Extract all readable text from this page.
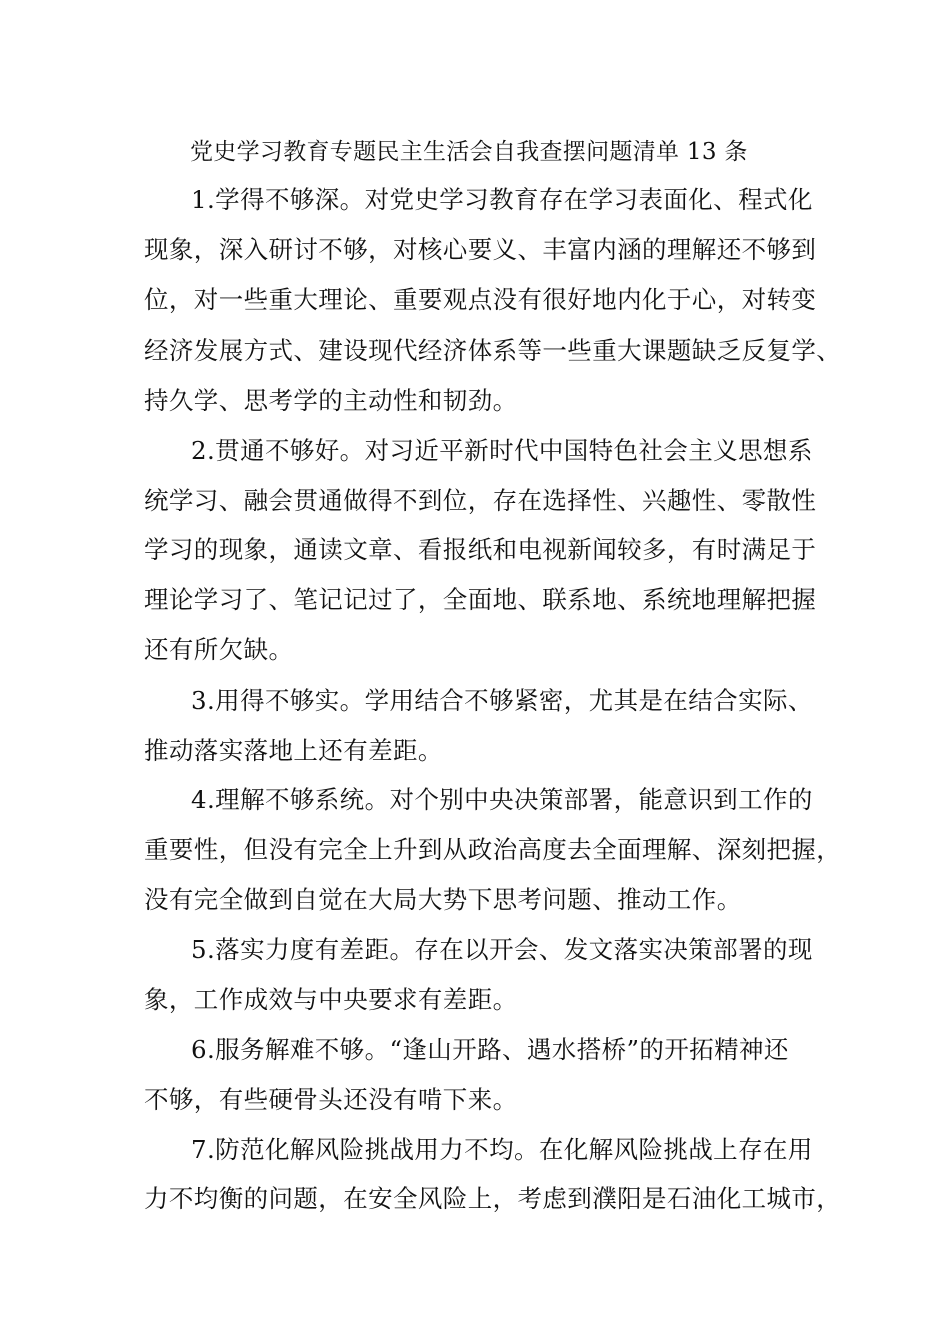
党史学习教育专题民主生活会自我查摆问题清单 13 条
1.学得不够深。对党史学习教育存在学习表面化、程式化
现象，深入研讨不够，对核心要义、丰富内涵的理解还不够到
位，对一些重大理论、重要观点没有很好地内化于心，对转变
经济发展方式、建设现代经济体系等一些重大课题缺乏反复学、
持久学、思考学的主动性和韧劲。
2.贯通不够好。对习近平新时代中国特色社会主义思想系
统学习、融会贯通做得不到位，存在选择性、兴趣性、零散性
学习的现象，通读文章、看报纸和电视新闻较多，有时满足于
理论学习了、笔记记过了，全面地、联系地、系统地理解把握
还有所欠缺。
3.用得不够实。学用结合不够紧密，尤其是在结合实际、
推动落实落地上还有差距。
4.理解不够系统。对个别中央决策部署，能意识到工作的
重要性，但没有完全上升到从政治高度去全面理解、深刻把握，
没有完全做到自觉在大局大势下思考问题、推动工作。
5.落实力度有差距。存在以开会、发文落实决策部署的现
象，工作成效与中央要求有差距。
6.服务解难不够。“逢山开路、遇水搭桥”的开拓精神还
不够，有些硬骨头还没有啃下来。
7.防范化解风险挑战用力不均。在化解风险挑战上存在用
力不均衡的问题，在安全风险上，考虑到濮阳是石油化工城市，
